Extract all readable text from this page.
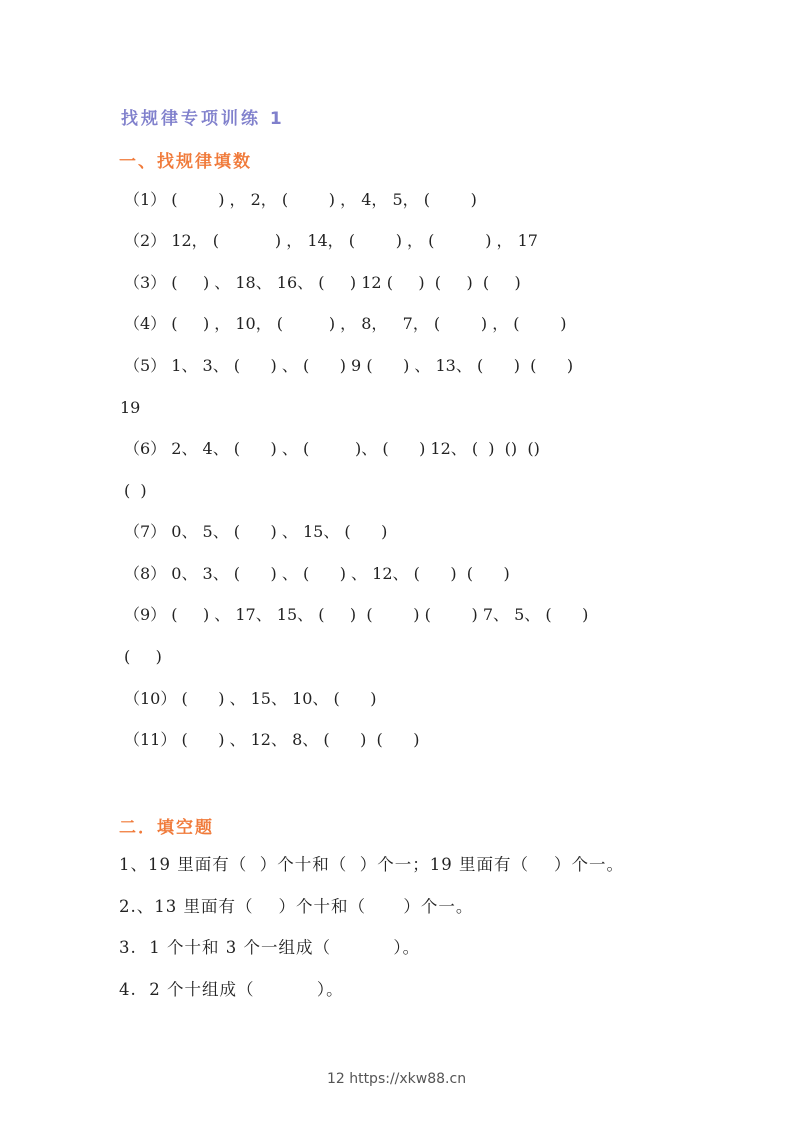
找规律专项训练 1
一、找规律填数
（1） (        ) ， 2， (        ) ， 4， 5， (        )
（2） 12， (           ) ， 14， (        ) ， (          ) ， 17
（3） (     ) 、 18、 16、 (     ) 12 (     )  (     )  (     )
（4） (     ) ， 10， (         ) ， 8，   7， (        ) ， (        )
（5） 1、 3、 (      ) 、 (      ) 9 (      ) 、 13、 (      )  (      )
19
（6） 2、 4、 (      ) 、 (         )、 (      ) 12、 (  )  ()  ()
(  )
（7） 0、 5、 (      ) 、 15、 (      )
（8） 0、 3、 (      ) 、 (      ) 、 12、 (      )  (      )
（9） (     ) 、 17、 15、 (     )  (        ) (        ) 7、 5、 (      )
(     )
（10） (      ) 、 15、 10、 (      )
（11） (      ) 、 12、 8、 (      )  (      )
二．填空题
1、19 里面有（  ）个十和（  ）个一；19 里面有（    ）个一。
2.、13 里面有（    ）个十和（      ）个一。
3.  1 个十和 3 个一组成（          ）。
4.  2 个十组成（          ）。
12 https://xkw88.cn
